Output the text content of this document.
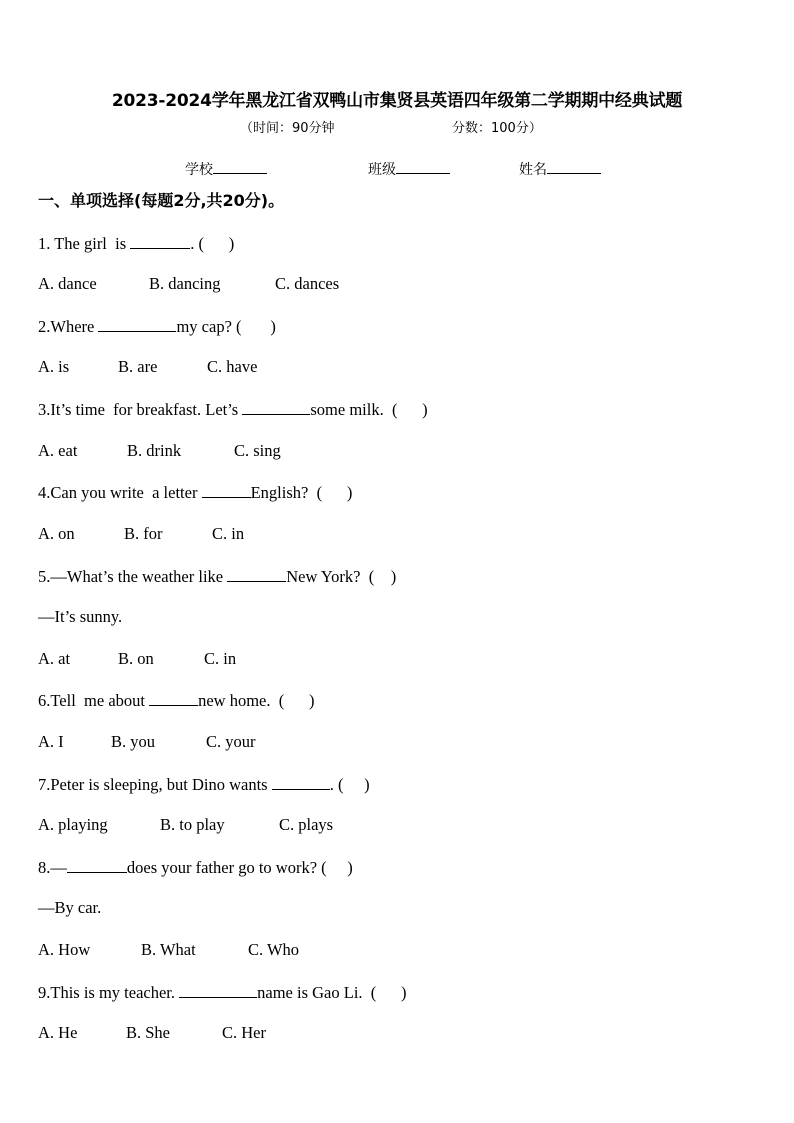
2023-2024学年黑龙江省双鸭山市集贤县英语四年级第二学期期中经典试题
（时间：90分钟	分数：100分）
学校	班级	姓名
一、单项选择(每题2分,共20分)。
1. The girl  is	. (      )
A. dance	B. dancing	C. dances
2.Where	my cap? (       )
A. is	B. are	C. have
3.It’s time  for breakfast. Let’s	some milk.  (      )
A. eat	B. drink	C. sing
4.Can you write  a letter	English?  (      )
A. on	B. for	C. in
5.—What’s the weather like	New York?  (    )
—It’s sunny.
A. at	B. on	C. in
6.Tell  me about	new home.  (      )
A. I	B. you	C. your
7.Peter is sleeping, but Dino wants	. (     )
A. playing	B. to play	C. plays
8.—	does your father go to work? (     )
—By car.
A. How	B. What	C. Who
9.This is my teacher.	name is Gao Li.  (      )
A. He	B. She	C. Her
